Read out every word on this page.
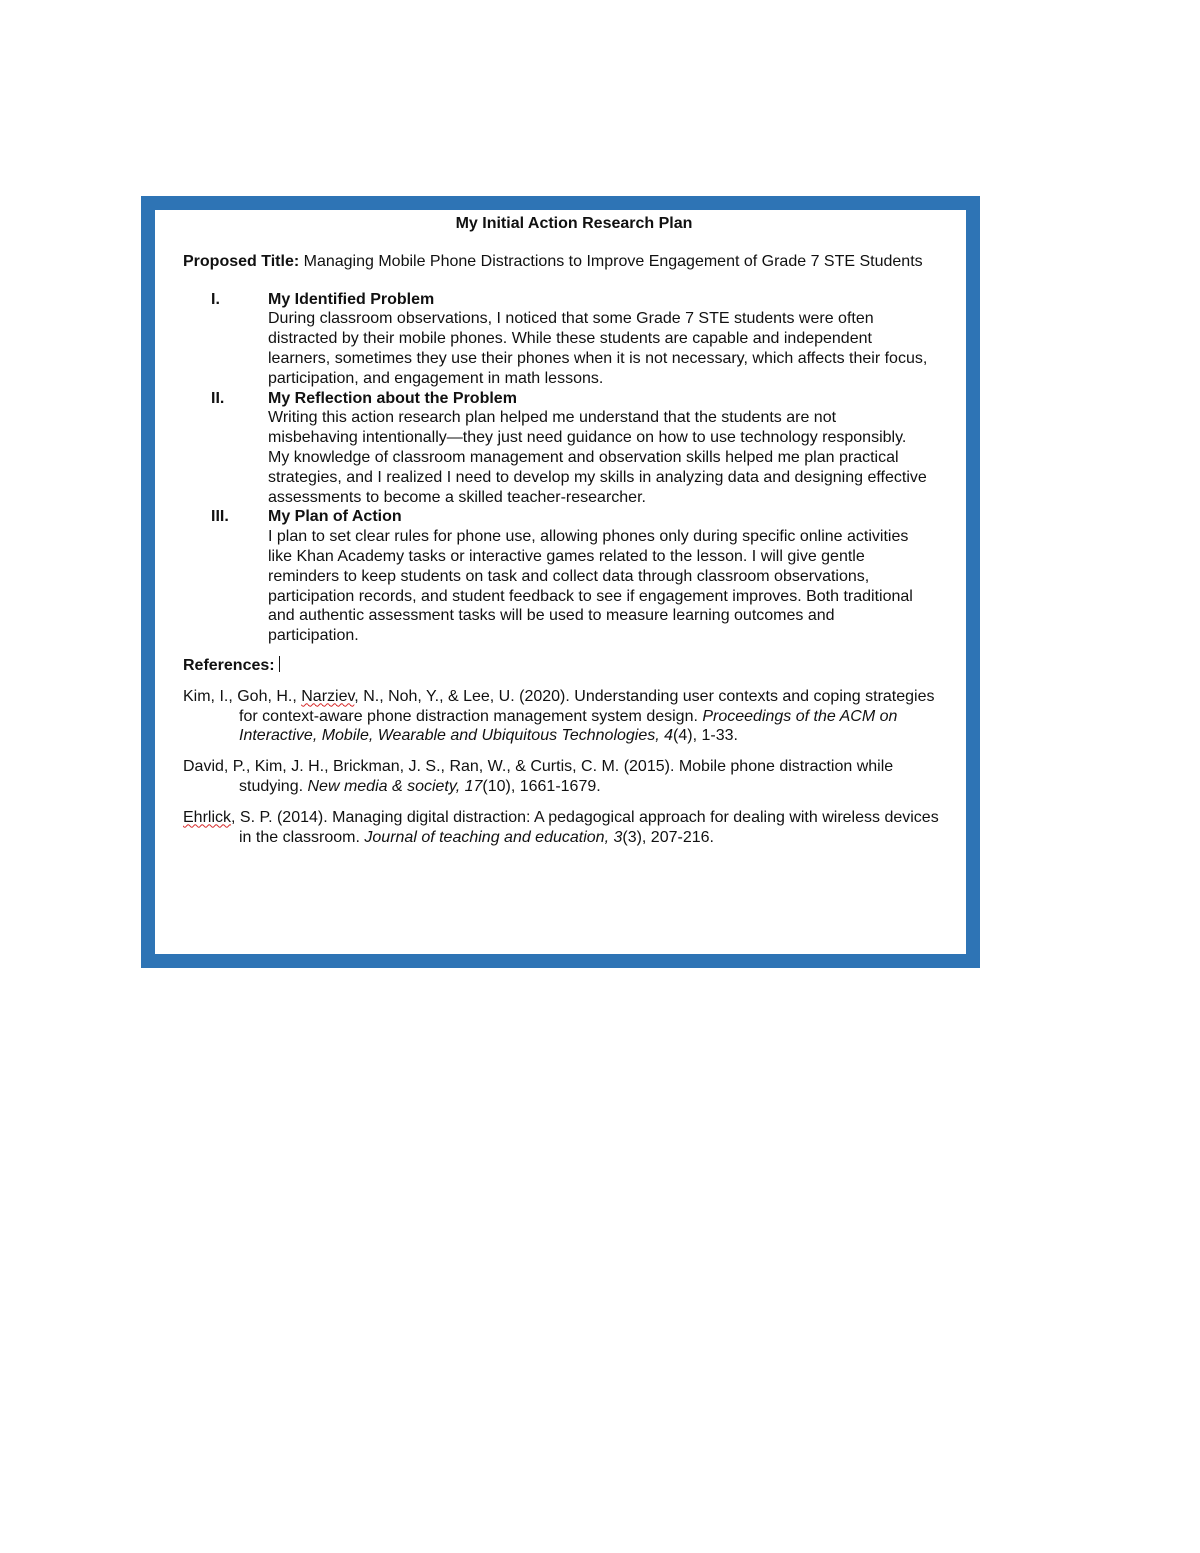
My Initial Action Research Plan
Proposed Title: Managing Mobile Phone Distractions to Improve Engagement of Grade 7 STE Students
I.	My Identified Problem
During classroom observations, I noticed that some Grade 7 STE students were often distracted by their mobile phones. While these students are capable and independent learners, sometimes they use their phones when it is not necessary, which affects their focus, participation, and engagement in math lessons.
II.	My Reflection about the Problem
Writing this action research plan helped me understand that the students are not misbehaving intentionally—they just need guidance on how to use technology responsibly. My knowledge of classroom management and observation skills helped me plan practical strategies, and I realized I need to develop my skills in analyzing data and designing effective assessments to become a skilled teacher-researcher.
III. My Plan of Action
I plan to set clear rules for phone use, allowing phones only during specific online activities like Khan Academy tasks or interactive games related to the lesson. I will give gentle reminders to keep students on task and collect data through classroom observations, participation records, and student feedback to see if engagement improves. Both traditional and authentic assessment tasks will be used to measure learning outcomes and participation.
References:
Kim, I., Goh, H., Narziev, N., Noh, Y., & Lee, U. (2020). Understanding user contexts and coping strategies for context-aware phone distraction management system design. Proceedings of the ACM on Interactive, Mobile, Wearable and Ubiquitous Technologies, 4(4), 1-33.
David, P., Kim, J. H., Brickman, J. S., Ran, W., & Curtis, C. M. (2015). Mobile phone distraction while studying. New media & society, 17(10), 1661-1679.
Ehrlick, S. P. (2014). Managing digital distraction: A pedagogical approach for dealing with wireless devices in the classroom. Journal of teaching and education, 3(3), 207-216.
